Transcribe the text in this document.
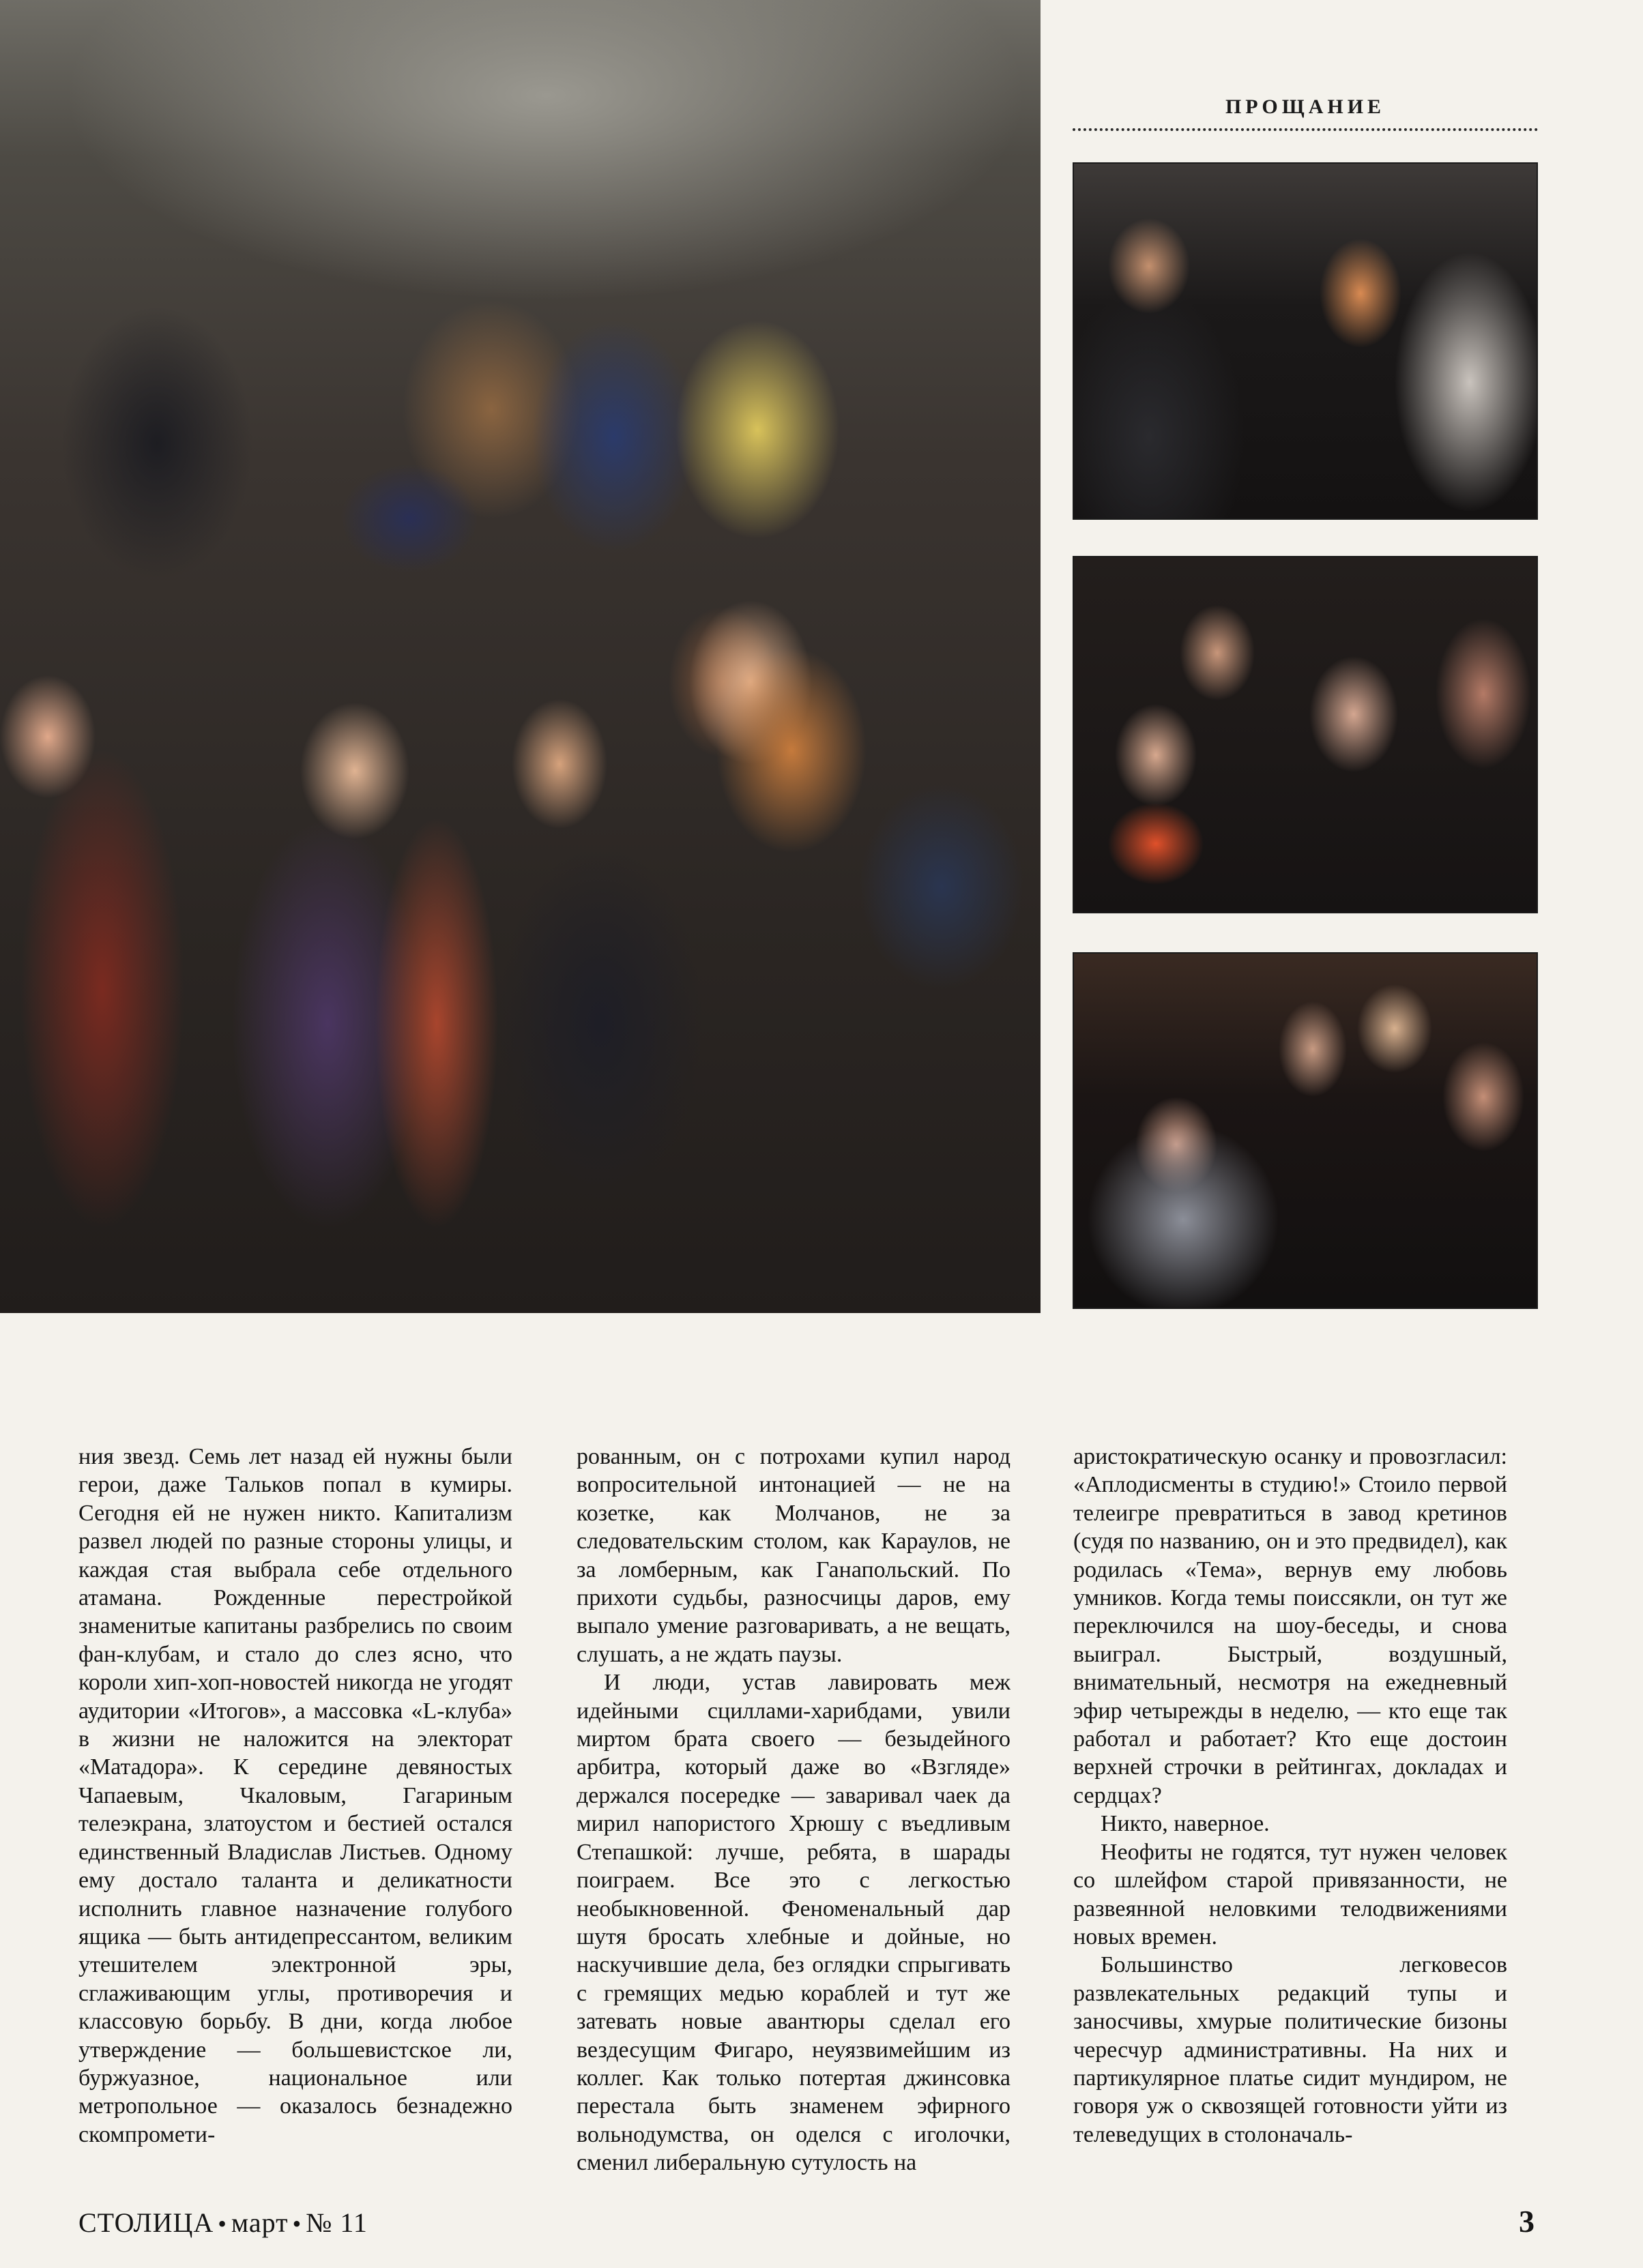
ПРОЩАНИЕ

ния звезд. Семь лет назад ей нужны были герои, даже Тальков попал в кумиры. Сегодня ей не нужен никто. Капитализм развел людей по разные стороны улицы, и каждая стая выбрала себе отдельного атамана. Рожденные перестройкой знаменитые капитаны разбрелись по своим фан-клубам, и стало до слез ясно, что короли хип-хоп-новостей никогда не угодят аудитории «Итогов», а массовка «L-клуба» в жизни не наложится на электорат «Матадора». К середине девяностых Чапаевым, Чкаловым, Гагариным телеэкрана, златоустом и бестией остался единственный Владислав Листьев. Одному ему достало таланта и деликатности исполнить главное назначение голубого ящика — быть антидепрессантом, великим утешителем электронной эры, сглаживающим углы, противоречия и классовую борьбу. В дни, когда любое утверждение — большевистское ли, буржуазное, национальное или метропольное — оказалось безнадежно скомпромети-

рованным, он с потрохами купил народ вопросительной интонацией — не на козетке, как Молчанов, не за следовательским столом, как Караулов, не за ломберным, как Ганапольский. По прихоти судьбы, разносчицы даров, ему выпало умение разговаривать, а не вещать, слушать, а не ждать паузы.

И люди, устав лавировать меж идейными сциллами-харибдами, увили миртом брата своего — безыдейного арбитра, который даже во «Взгляде» держался посередке — заваривал чаек да мирил напористого Хрюшу с въедливым Степашкой: лучше, ребята, в шарады поиграем. Все это с легкостью необыкновенной. Феноменальный дар шутя бросать хлебные и дойные, но наскучившие дела, без оглядки спрыгивать с гремящих медью кораблей и тут же затевать новые авантюры сделал его вездесущим Фигаро, неуязвимейшим из коллег. Как только потертая джинсовка перестала быть знаменем эфирного вольнодумства, он оделся с иголочки, сменил либеральную сутулость на

аристократическую осанку и провозгласил: «Аплодисменты в студию!» Стоило первой телеигре превратиться в завод кретинов (судя по названию, он и это предвидел), как родилась «Тема», вернув ему любовь умников. Когда темы поиссякли, он тут же переключился на шоу-беседы, и снова выиграл. Быстрый, воздушный, внимательный, несмотря на ежедневный эфир четырежды в неделю, — кто еще так работал и работает? Кто еще достоин верхней строчки в рейтингах, докладах и сердцах?

Никто, наверное.

Неофиты не годятся, тут нужен человек со шлейфом старой привязанности, не развеянной неловкими телодвижениями новых времен.

Большинство легковесов развлекательных редакций тупы и заносчивы, хмурые политические бизоны чересчур административны. На них и партикулярное платье сидит мундиром, не говоря уж о сквозящей готовности уйти из телеведущих в столоначаль-

СТОЛИЦА • март • № 11	3
